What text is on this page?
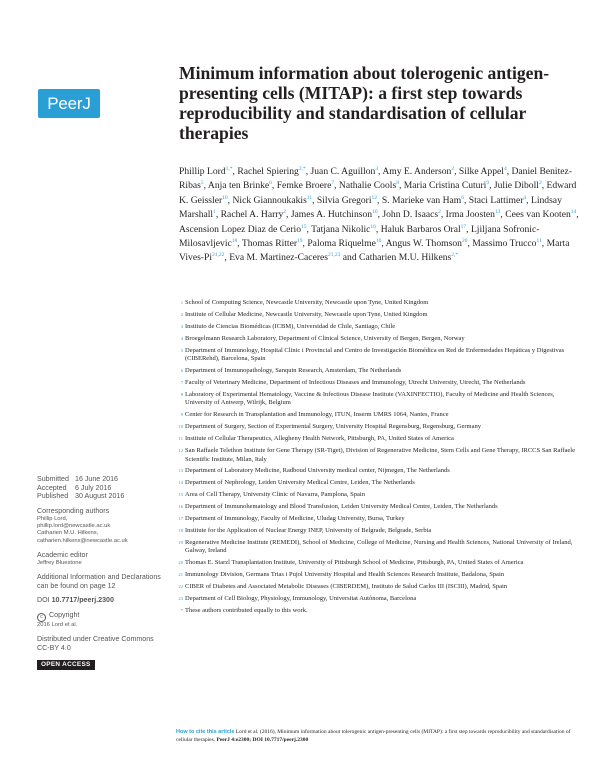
PeerJ
Minimum information about tolerogenic antigen-presenting cells (MITAP): a first step towards reproducibility and standardisation of cellular therapies
Phillip Lord$^{1,*}$, Rachel Spiering$^{2,*}$, Juan C. Aguillon$^3$, Amy E. Anderson$^2$, Silke Appel$^4$, Daniel Benitez-Ribas$^5$, Anja ten Brinke$^6$, Femke Broere$^7$, Nathalie Cools$^8$, Maria Cristina Cuturi$^9$, Julie Diboll$^2$, Edward K. Geissler$^{10}$, Nick Giannoukakis$^{11}$, Silvia Gregori$^{12}$, S. Marieke van Ham$^6$, Staci Lattimer$^4$, Lindsay Marshall$^1$, Rachel A. Harry$^2$, James A. Hutchinson$^{10}$, John D. Isaacs$^2$, Irma Joosten$^{13}$, Cees van Kooten$^{14}$, Ascension Lopez Diaz de Cerio$^{15}$, Tatjana Nikolic$^{16}$, Haluk Barbaros Oral$^{17}$, Ljiljana Sofronic-Milosavljevic$^{18}$, Thomas Ritter$^{19}$, Paloma Riquelme$^{10}$, Angus W. Thomson$^{20}$, Massimo Trucco$^{11}$, Marta Vives-Pi$^{21,22}$, Eva M. Martinez-Caceres$^{21,23}$ and Catharien M.U. Hilkens$^{2,*}$
1 School of Computing Science, Newcastle University, Newcastle upon Tyne, United Kingdom
2 Institute of Cellular Medicine, Newcastle University, Newcastle upon Tyne, United Kingdom
3 Instituto de Ciencias Biomédicas (ICBM), Universidad de Chile, Santiago, Chile
4 Broegelmann Research Laboratory, Department of Clinical Science, University of Bergen, Bergen, Norway
5 Department of Immunology, Hospital Clinic i Provincial and Centro de Investigación Biomédica en Red de Enfermedades Hepáticas y Digestivas (CIBERehd), Barcelona, Spain
6 Department of Immunopathology, Sanquin Research, Amsterdam, The Netherlands
7 Faculty of Veterinary Medicine, Department of Infectious Diseases and Immunology, Utrecht University, Utrecht, The Netherlands
8 Laboratory of Experimental Hematology, Vaccine & Infectious Disease Institute (VAXINFECTIO), Faculty of Medicine and Health Sciences, University of Antwerp, Wilrijk, Belgium
9 Center for Research in Transplantation and Immunology, ITUN, Inserm UMRS 1064, Nantes, France
10 Department of Surgery, Section of Experimental Surgery, University Hospital Regensburg, Regensburg, Germany
11 Institute of Cellular Therapeutics, Allegheny Health Network, Pittsburgh, PA, United States of America
12 San Raffaele Telethon Institute for Gene Therapy (SR-Tiget), Division of Regenerative Medicine, Stem Cells and Gene Therapy, IRCCS San Raffaele Scientific Institute, Milan, Italy
13 Department of Laboratory Medicine, Radboud University medical center, Nijmegen, The Netherlands
14 Department of Nephrology, Leiden University Medical Centre, Leiden, The Netherlands
15 Area of Cell Therapy, University Clinic of Navarra, Pamplona, Spain
16 Department of Immunohematology and Blood Transfusion, Leiden University Medical Centre, Leiden, The Netherlands
17 Department of Immunology, Faculty of Medicine, Uludag University, Bursa, Turkey
18 Institute for the Application of Nuclear Energy INEP, University of Belgrade, Belgrade, Serbia
19 Regenerative Medicine Institute (REMEDI), School of Medicine, College of Medicine, Nursing and Health Sciences, National University of Ireland, Galway, Ireland
20 Thomas E. Starzl Transplantation Institute, University of Pittsburgh School of Medicine, Pittsburgh, PA, United States of America
21 Immunology Division, Germans Trias i Pujol University Hospital and Health Sciences Research Institute, Badalona, Spain
22 CIBER of Diabetes and Associated Metabolic Diseases (CIBERDEM), Instituto de Salud Carlos III (ISCIII), Madrid, Spain
23 Department of Cell Biology, Physiology, Immunology, Universitat Autònoma, Barcelona
* These authors contributed equally to this work.
Submitted 16 June 2016
Accepted	6 July 2016
Published 30 August 2016
Corresponding authors
Phillip Lord,
phillip.lord@newcastle.ac.uk
Catharien M.U. Hilkens,
catharien.hilkens@newcastle.ac.uk
Academic editor
Jeffrey Bluestone
Additional Information and Declarations can be found on page 12
DOI 10.7717/peerj.2300
c Copyright
2016 Lord et al.
Distributed under Creative Commons CC-BY 4.0
OPEN ACCESS
How to cite this article Lord et al. (2016), Minimum information about tolerogenic antigen-presenting cells (MITAP): a first step towards reproducibility and standardisation of cellular therapies. PeerJ 4:e2300; DOI 10.7717/peerj.2300
